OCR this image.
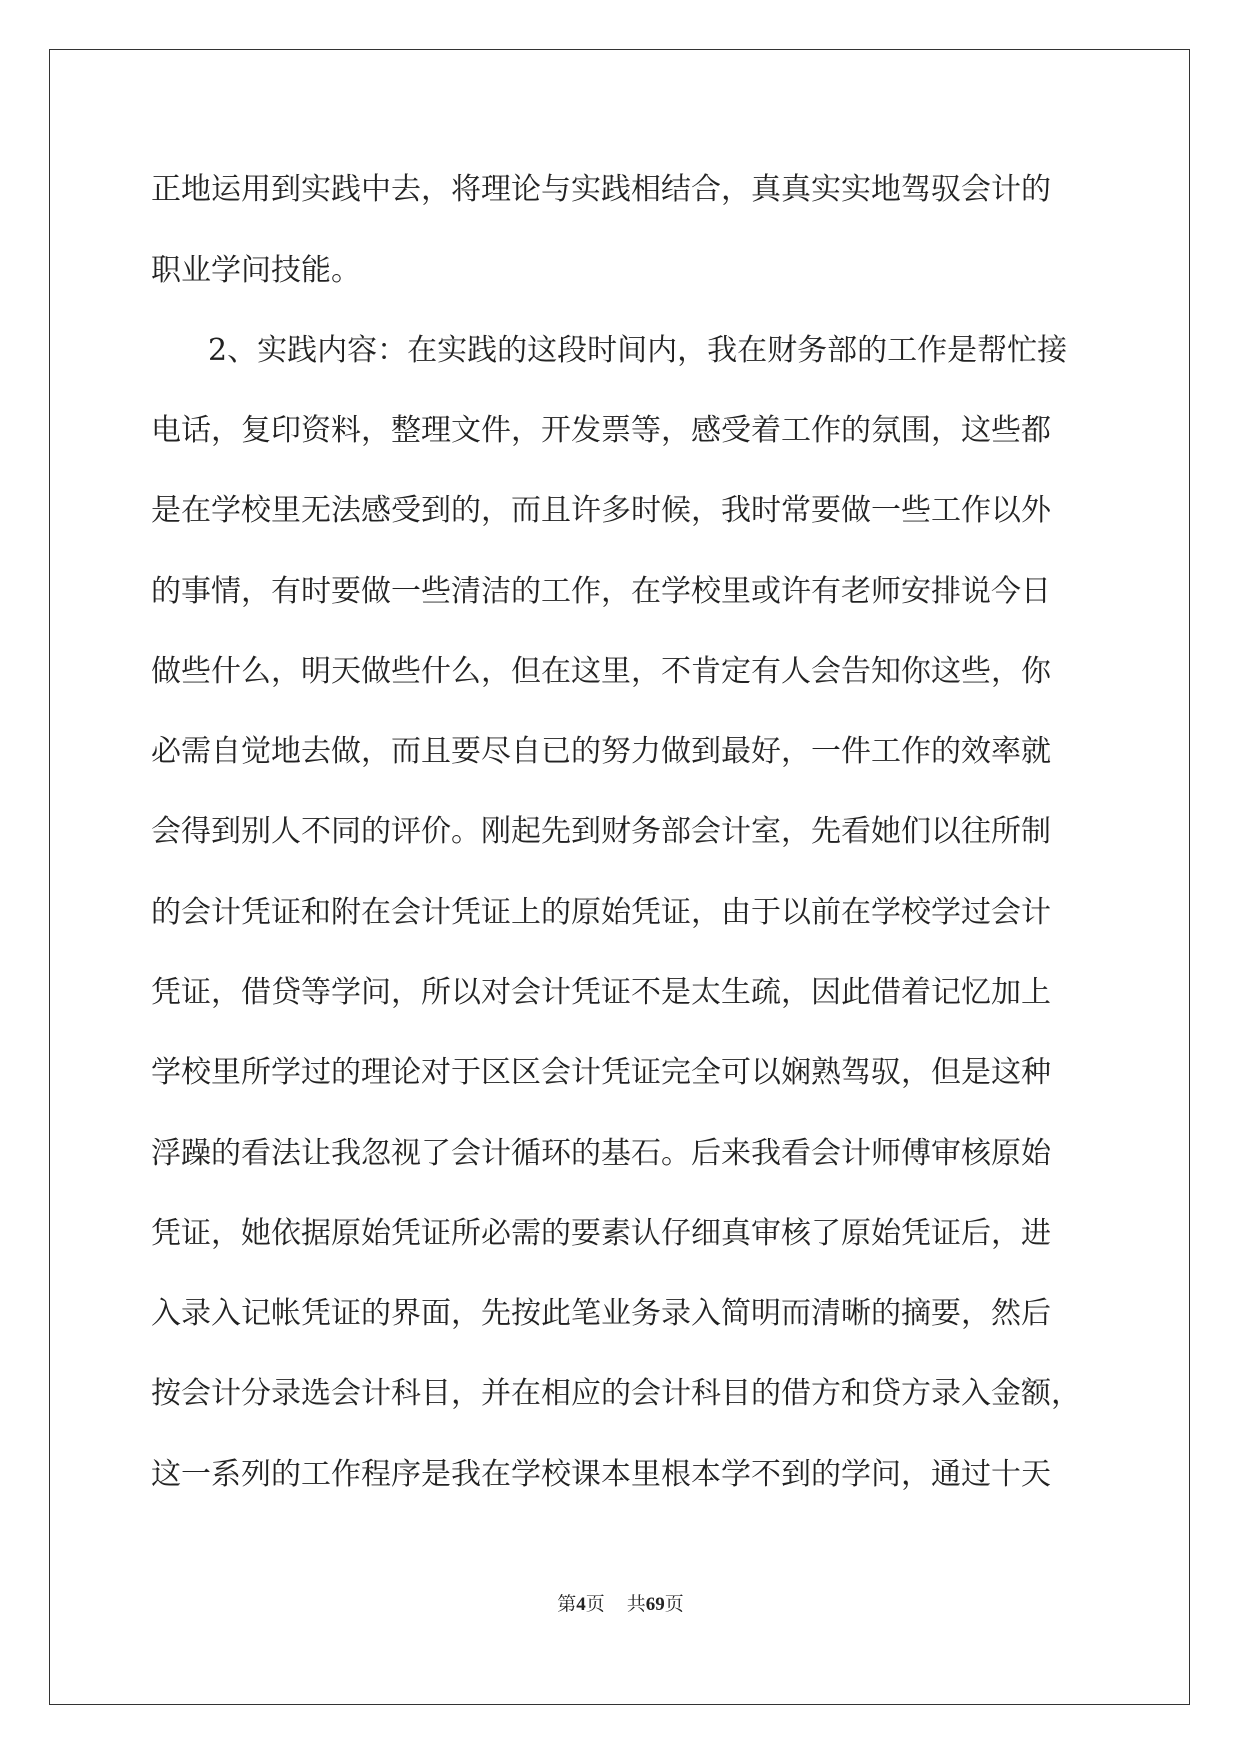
正地运用到实践中去，将理论与实践相结合，真真实实地驾驭会计的
职业学问技能。
2、实践内容：在实践的这段时间内，我在财务部的工作是帮忙接
电话，复印资料，整理文件，开发票等，感受着工作的氛围，这些都
是在学校里无法感受到的，而且许多时候，我时常要做一些工作以外
的事情，有时要做一些清洁的工作，在学校里或许有老师安排说今日
做些什么，明天做些什么，但在这里，不肯定有人会告知你这些，你
必需自觉地去做，而且要尽自已的努力做到最好，一件工作的效率就
会得到别人不同的评价。刚起先到财务部会计室，先看她们以往所制
的会计凭证和附在会计凭证上的原始凭证，由于以前在学校学过会计
凭证，借贷等学问，所以对会计凭证不是太生疏，因此借着记忆加上
学校里所学过的理论对于区区会计凭证完全可以娴熟驾驭，但是这种
浮躁的看法让我忽视了会计循环的基石。后来我看会计师傅审核原始
凭证，她依据原始凭证所必需的要素认仔细真审核了原始凭证后，进
入录入记帐凭证的界面，先按此笔业务录入简明而清晰的摘要，然后
按会计分录选会计科目，并在相应的会计科目的借方和贷方录入金额，
这一系列的工作程序是我在学校课本里根本学不到的学问，通过十天
第4页 共69页
